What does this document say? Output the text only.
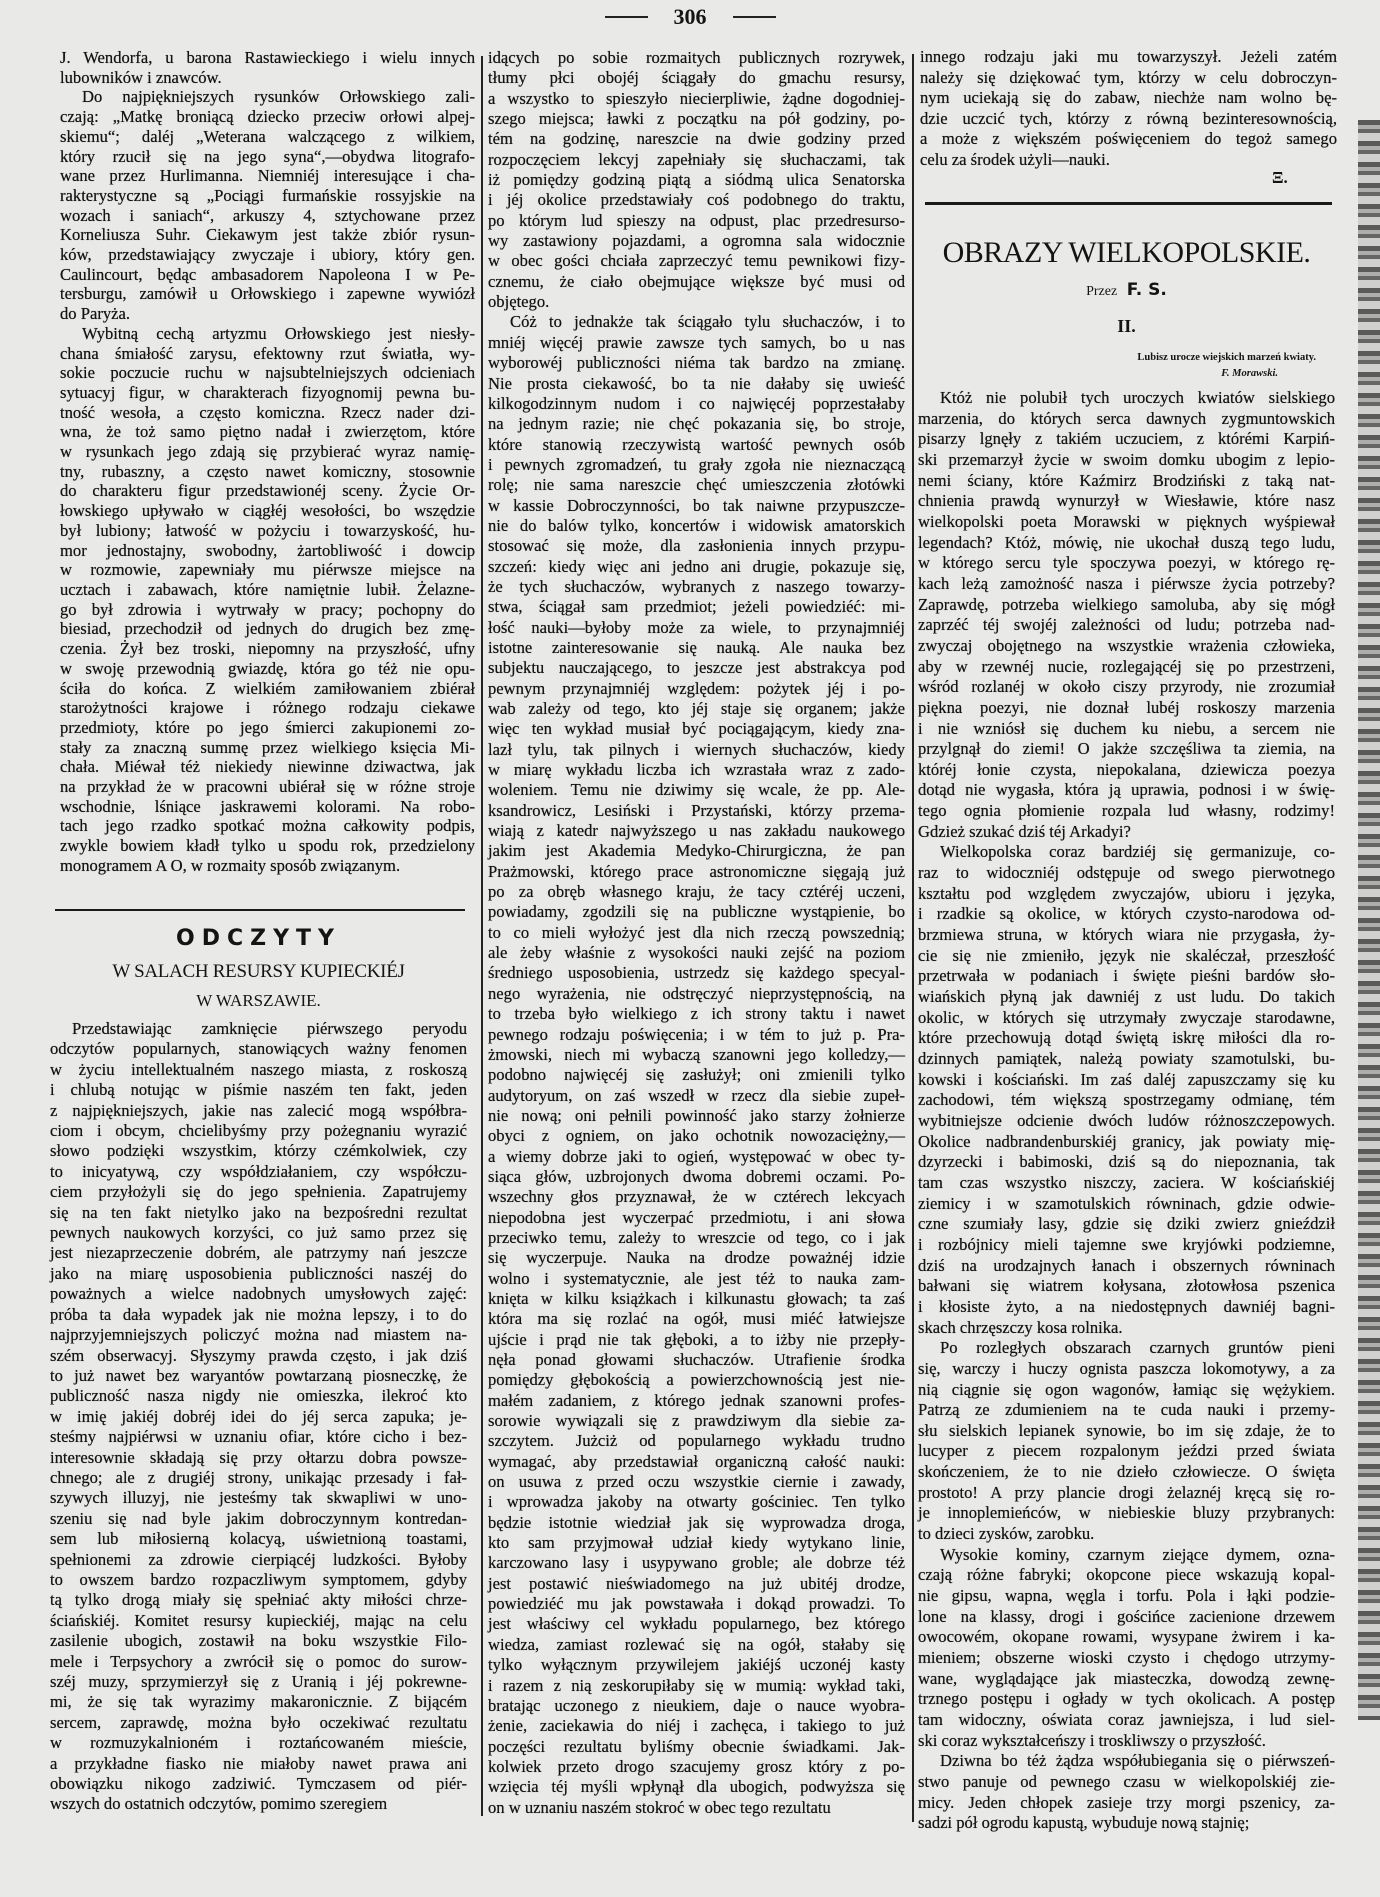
306
J. Wendorfa, u barona Rastawieckiego i wielu innych
lubowników i znawców.
Do najpiękniejszych rysunków Orłowskiego zali-
czają: „Matkę broniącą dziecko przeciw orłowi alpej-
skiemu“; daléj „Weterana walczącego z wilkiem,
który rzucił się na jego syna“,—obydwa litografo-
wane przez Hurlimanna. Niemniéj interesujące i cha-
rakterystyczne są „Pociągi furmańskie rossyjskie na
wozach i saniach“, arkuszy 4, sztychowane przez
Korneliusza Suhr. Ciekawym jest także zbiór rysun-
ków, przedstawiający zwyczaje i ubiory, który gen.
Caulincourt, będąc ambasadorem Napoleona I w Pe-
tersburgu, zamówił u Orłowskiego i zapewne wywiózł
do Paryża.
Wybitną cechą artyzmu Orłowskiego jest niesły-
chana śmiałość zarysu, efektowny rzut światła, wy-
sokie poczucie ruchu w najsubtelniejszych odcieniach
sytuacyj figur, w charakterach fizyognomij pewna bu-
tność wesoła, a często komiczna. Rzecz nader dzi-
wna, że toż samo piętno nadał i zwierzętom, które
w rysunkach jego zdają się przybierać wyraz namię-
tny, rubaszny, a często nawet komiczny, stosownie
do charakteru figur przedstawionéj sceny. Życie Or-
łowskiego upływało w ciągłéj wesołości, bo wszędzie
był lubiony; łatwość w pożyciu i towarzyskość, hu-
mor jednostajny, swobodny, żartobliwość i dowcip
w rozmowie, zapewniały mu piérwsze miejsce na
ucztach i zabawach, które namiętnie lubił. Żelazne-
go był zdrowia i wytrwały w pracy; pochopny do
biesiad, przechodził od jednych do drugich bez zmę-
czenia. Żył bez troski, niepomny na przyszłość, ufny
w swoję przewodnią gwiazdę, która go téż nie opu-
ściła do końca. Z wielkiém zamiłowaniem zbiérał
starożytności krajowe i różnego rodzaju ciekawe
przedmioty, które po jego śmierci zakupionemi zo-
stały za znaczną summę przez wielkiego księcia Mi-
chała. Miéwał téż niekiedy niewinne dziwactwa, jak
na przykład że w pracowni ubiérał się w różne stroje
wschodnie, lśniące jaskrawemi kolorami. Na robo-
tach jego rzadko spotkać można całkowity podpis,
zwykle bowiem kładł tylko u spodu rok, przedzielony
monogramem A O, w rozmaity sposób związanym.
ODCZYTY
W SALACH RESURSY KUPIECKIÉJ
W WARSZAWIE.
Przedstawiając zamknięcie piérwszego peryodu
odczytów popularnych, stanowiących ważny fenomen
w życiu intellektualném naszego miasta, z roskoszą
i chlubą notując w piśmie naszém ten fakt, jeden
z najpiękniejszych, jakie nas zalecić mogą współbra-
ciom i obcym, chcielibyśmy przy pożegnaniu wyrazić
słowo podzięki wszystkim, którzy czémkolwiek, czy
to inicyatywą, czy współdziałaniem, czy współczu-
ciem przyłożyli się do jego spełnienia. Zapatrujemy
się na ten fakt nietylko jako na bezpośredni rezultat
pewnych naukowych korzyści, co już samo przez się
jest niezaprzeczenie dobrém, ale patrzymy nań jeszcze
jako na miarę usposobienia publiczności naszéj do
poważnych a wielce nadobnych umysłowych zajęć:
próba ta dała wypadek jak nie można lepszy, i to do
najprzyjemniejszych policzyć można nad miastem na-
szém obserwacyj. Słyszymy prawda często, i jak dziś
to już nawet bez waryantów powtarzaną piosneczkę, że
publiczność nasza nigdy nie omieszka, ilekroć kto
w imię jakiéj dobréj idei do jéj serca zapuka; je-
steśmy najpiérwsi w uznaniu ofiar, które cicho i bez-
interesownie składają się przy ołtarzu dobra powsze-
chnego; ale z drugiéj strony, unikając przesady i fał-
szywych illuzyj, nie jesteśmy tak skwapliwi w uno-
szeniu się nad byle jakim dobroczynnym kontredan-
sem lub miłosierną kolacyą, uświetnioną toastami,
spełnionemi za zdrowie cierpiącéj ludzkości. Byłoby
to owszem bardzo rozpaczliwym symptomem, gdyby
tą tylko drogą miały się spełniać akty miłości chrze-
ściańskiéj. Komitet resursy kupieckiéj, mając na celu
zasilenie ubogich, zostawił na boku wszystkie Filo-
mele i Terpsychory a zwrócił się o pomoc do surow-
széj muzy, sprzymierzył się z Uranią i jéj pokrewne-
mi, że się tak wyrazimy makaronicznie. Z bijącém
sercem, zaprawdę, można było oczekiwać rezultatu
w rozmuzykalnioném i roztańcowaném mieście,
a przykładne fiasko nie miałoby nawet prawa ani
obowiązku nikogo zadziwić. Tymczasem od piér-
wszych do ostatnich odczytów, pomimo szeregiem
idących po sobie rozmaitych publicznych rozrywek,
tłumy płci obojéj ściągały do gmachu resursy,
a wszystko to spieszyło niecierpliwie, żądne dogodniej-
szego miejsca; ławki z początku na pół godziny, po-
tém na godzinę, nareszcie na dwie godziny przed
rozpoczęciem lekcyj zapełniały się słuchaczami, tak
iż pomiędzy godziną piątą a siódmą ulica Senatorska
i jéj okolice przedstawiały coś podobnego do traktu,
po którym lud spieszy na odpust, plac przedresurso-
wy zastawiony pojazdami, a ogromna sala widocznie
w obec gości chciała zaprzeczyć temu pewnikowi fizy-
cznemu, że ciało obejmujące większe być musi od
objętego.
Cóż to jednakże tak ściągało tylu słuchaczów, i to
mniéj więcéj prawie zawsze tych samych, bo u nas
wyborowéj publiczności niéma tak bardzo na zmianę.
Nie prosta ciekawość, bo ta nie dałaby się uwieść
kilkogodzinnym nudom i co najwięcéj poprzestałaby
na jednym razie; nie chęć pokazania się, bo stroje,
które stanowią rzeczywistą wartość pewnych osób
i pewnych zgromadzeń, tu grały zgoła nie nieznaczącą
rolę; nie sama nareszcie chęć umieszczenia złotówki
w kassie Dobroczynności, bo tak naiwne przypuszcze-
nie do balów tylko, koncertów i widowisk amatorskich
stosować się może, dla zasłonienia innych przypu-
szczeń: kiedy więc ani jedno ani drugie, pokazuje się,
że tych słuchaczów, wybranych z naszego towarzy-
stwa, ściągał sam przedmiot; jeżeli powiedziéć: mi-
łość nauki—byłoby może za wiele, to przynajmniéj
istotne zainteresowanie się nauką. Ale nauka bez
subjektu nauczającego, to jeszcze jest abstrakcya pod
pewnym przynajmniéj względem: pożytek jéj i po-
wab zależy od tego, kto jéj staje się organem; jakże
więc ten wykład musiał być pociągającym, kiedy zna-
lazł tylu, tak pilnych i wiernych słuchaczów, kiedy
w miarę wykładu liczba ich wzrastała wraz z zado-
woleniem. Temu nie dziwimy się wcale, że pp. Ale-
ksandrowicz, Lesiński i Przystański, którzy przema-
wiają z katedr najwyższego u nas zakładu naukowego
jakim jest Akademia Medyko-Chirurgiczna, że pan
Prażmowski, którego prace astronomiczne sięgają już
po za obręb własnego kraju, że tacy cztéréj uczeni,
powiadamy, zgodzili się na publiczne wystąpienie, bo
to co mieli wyłożyć jest dla nich rzeczą powszednią;
ale żeby właśnie z wysokości nauki zejść na poziom
średniego usposobienia, ustrzedz się każdego specyal-
nego wyrażenia, nie odstręczyć nieprzystępnością, na
to trzeba było wielkiego z ich strony taktu i nawet
pewnego rodzaju poświęcenia; i w tém to już p. Pra-
żmowski, niech mi wybaczą szanowni jego kolledzy,—
podobno najwięcéj się zasłużył; oni zmienili tylko
audytoryum, on zaś wszedł w rzecz dla siebie zupeł-
nie nową; oni pełnili powinność jako starzy żołnierze
obyci z ogniem, on jako ochotnik nowozaciężny,—
a wiemy dobrze jaki to ogień, występować w obec ty-
siąca głów, uzbrojonych dwoma dobremi oczami. Po-
wszechny głos przyznawał, że w cztérech lekcyach
niepodobna jest wyczerpać przedmiotu, i ani słowa
przeciwko temu, zależy to wreszcie od tego, co i jak
się wyczerpuje. Nauka na drodze poważnéj idzie
wolno i systematycznie, ale jest téż to nauka zam-
knięta w kilku książkach i kilkunastu głowach; ta zaś
która ma się rozlać na ogół, musi miéć łatwiejsze
ujście i prąd nie tak głęboki, a to iżby nie przepły-
nęła ponad głowami słuchaczów. Utrafienie środka
pomiędzy głębokością a powierzchownością jest nie-
małém zadaniem, z którego jednak szanowni profes-
sorowie wywiązali się z prawdziwym dla siebie za-
szczytem. Jużciż od popularnego wykładu trudno
wymagać, aby przedstawiał organiczną całość nauki:
on usuwa z przed oczu wszystkie ciernie i zawady,
i wprowadza jakoby na otwarty gościniec. Ten tylko
będzie istotnie wiedział jak się wyprowadza droga,
kto sam przyjmował udział kiedy wytykano linie,
karczowano lasy i usypywano groble; ale dobrze téż
jest postawić nieświadomego na już ubitéj drodze,
powiedziéć mu jak powstawała i dokąd prowadzi. To
jest właściwy cel wykładu popularnego, bez którego
wiedza, zamiast rozlewać się na ogół, stałaby się
tylko wyłącznym przywilejem jakiéjś uczonéj kasty
i razem z nią zeskorupiłaby się w mumią: wykład taki,
bratając uczonego z nieukiem, daje o nauce wyobra-
żenie, zaciekawia do niéj i zachęca, i takiego to już
poczęści rezultatu byliśmy obecnie świadkami. Jak-
kolwiek przeto drogo szacujemy grosz który z po-
wzięcia téj myśli wpłynął dla ubogich, podwyższa się
on w uznaniu naszém stokroć w obec tego rezultatu
innego rodzaju jaki mu towarzyszył. Jeżeli zatém
należy się dziękować tym, którzy w celu dobroczyn-
nym uciekają się do zabaw, niechże nam wolno bę-
dzie uczcić tych, którzy z równą bezinteresownością,
a może z większém poświęceniem do tegoż samego
celu za środek użyli—nauki.
Ξ.
OBRAZY WIELKOPOLSKIE.
Przez F. S.
II.
Lubisz urocze wiejskich marzeń kwiaty.
F. Morawski.
Któż nie polubił tych uroczych kwiatów sielskiego
marzenia, do których serca dawnych zygmuntowskich
pisarzy lgnęły z takiém uczuciem, z którémi Karpiń-
ski przemarzył życie w swoim domku ubogim z lepio-
nemi ściany, które Kaźmirz Brodziński z taką nat-
chnienia prawdą wynurzył w Wiesławie, które nasz
wielkopolski poeta Morawski w pięknych wyśpiewał
legendach? Któż, mówię, nie ukochał duszą tego ludu,
w którego sercu tyle spoczywa poezyi, w którego rę-
kach leżą zamożność nasza i piérwsze życia potrzeby?
Zaprawdę, potrzeba wielkiego samoluba, aby się mógł
zaprzéć téj swojéj zależności od ludu; potrzeba nad-
zwyczaj obojętnego na wszystkie wrażenia człowieka,
aby w rzewnéj nucie, rozlegającéj się po przestrzeni,
wśród rozlanéj w około ciszy przyrody, nie zrozumiał
piękna poezyi, nie doznał lubéj roskoszy marzenia
i nie wzniósł się duchem ku niebu, a sercem nie
przylgnął do ziemi! O jakże szczęśliwa ta ziemia, na
któréj łonie czysta, niepokalana, dziewicza poezya
dotąd nie wygasła, która ją uprawia, podnosi i w świę-
tego ognia płomienie rozpala lud własny, rodzimy!
Gdzież szukać dziś téj Arkadyi?
Wielkopolska coraz bardziéj się germanizuje, co-
raz to widoczniéj odstępuje od swego pierwotnego
kształtu pod względem zwyczajów, ubioru i języka,
i rzadkie są okolice, w których czysto-narodowa od-
brzmiewa struna, w których wiara nie przygasła, ży-
cie się nie zmieniło, język nie skaléczał, przeszłość
przetrwała w podaniach i święte pieśni bardów sło-
wiańskich płyną jak dawniéj z ust ludu. Do takich
okolic, w których się utrzymały zwyczaje starodawne,
które przechowują dotąd świętą iskrę miłości dla ro-
dzinnych pamiątek, należą powiaty szamotulski, bu-
kowski i kościański. Im zaś daléj zapuszczamy się ku
zachodowi, tém większą spostrzegamy odmianę, tém
wybitniejsze odcienie dwóch ludów różnoszczepowych.
Okolice nadbrandenburskiéj granicy, jak powiaty mię-
dzyrzecki i babimoski, dziś są do niepoznania, tak
tam czas wszystko niszczy, zaciera. W kościańskiéj
ziemicy i w szamotulskich równinach, gdzie odwie-
czne szumiały lasy, gdzie się dziki zwierz gnieździł
i rozbójnicy mieli tajemne swe kryjówki podziemne,
dziś na urodzajnych łanach i obszernych równinach
bałwani się wiatrem kołysana, złotowłosa pszenica
i kłosiste żyto, a na niedostępnych dawniéj bagni-
skach chrzęszczy kosa rolnika.
Po rozległych obszarach czarnych gruntów pieni
się, warczy i huczy ognista paszcza lokomotywy, a za
nią ciągnie się ogon wagonów, łamiąc się wężykiem.
Patrzą ze zdumieniem na te cuda nauki i przemy-
słu sielskich lepianek synowie, bo im się zdaje, że to
lucyper z piecem rozpalonym jeździ przed świata
skończeniem, że to nie dzieło człowiecze. O święta
prostoto! A przy plancie drogi żelaznéj kręcą się ro-
je innoplemieńców, w niebieskie bluzy przybranych:
to dzieci zysków, zarobku.
Wysokie kominy, czarnym ziejące dymem, ozna-
czają różne fabryki; okopcone piece wskazują kopal-
nie gipsu, wapna, węgla i torfu. Pola i łąki podzie-
lone na klassy, drogi i gościńce zacienione drzewem
owocowém, okopane rowami, wysypane żwirem i ka-
mieniem; obszerne wioski czysto i chędogo utrzymy-
wane, wyglądające jak miasteczka, dowodzą zewnę-
trznego postępu i ogłady w tych okolicach. A postęp
tam widoczny, oświata coraz jawniejsza, i lud siel-
ski coraz wykształceńszy i troskliwszy o przyszłość.
Dziwna bo téż żądza współubiegania się o piérwszeń-
stwo panuje od pewnego czasu w wielkopolskiéj zie-
micy. Jeden chłopek zasieje trzy morgi pszenicy, za-
sadzi pół ogrodu kapustą, wybuduje nową stajnię;
